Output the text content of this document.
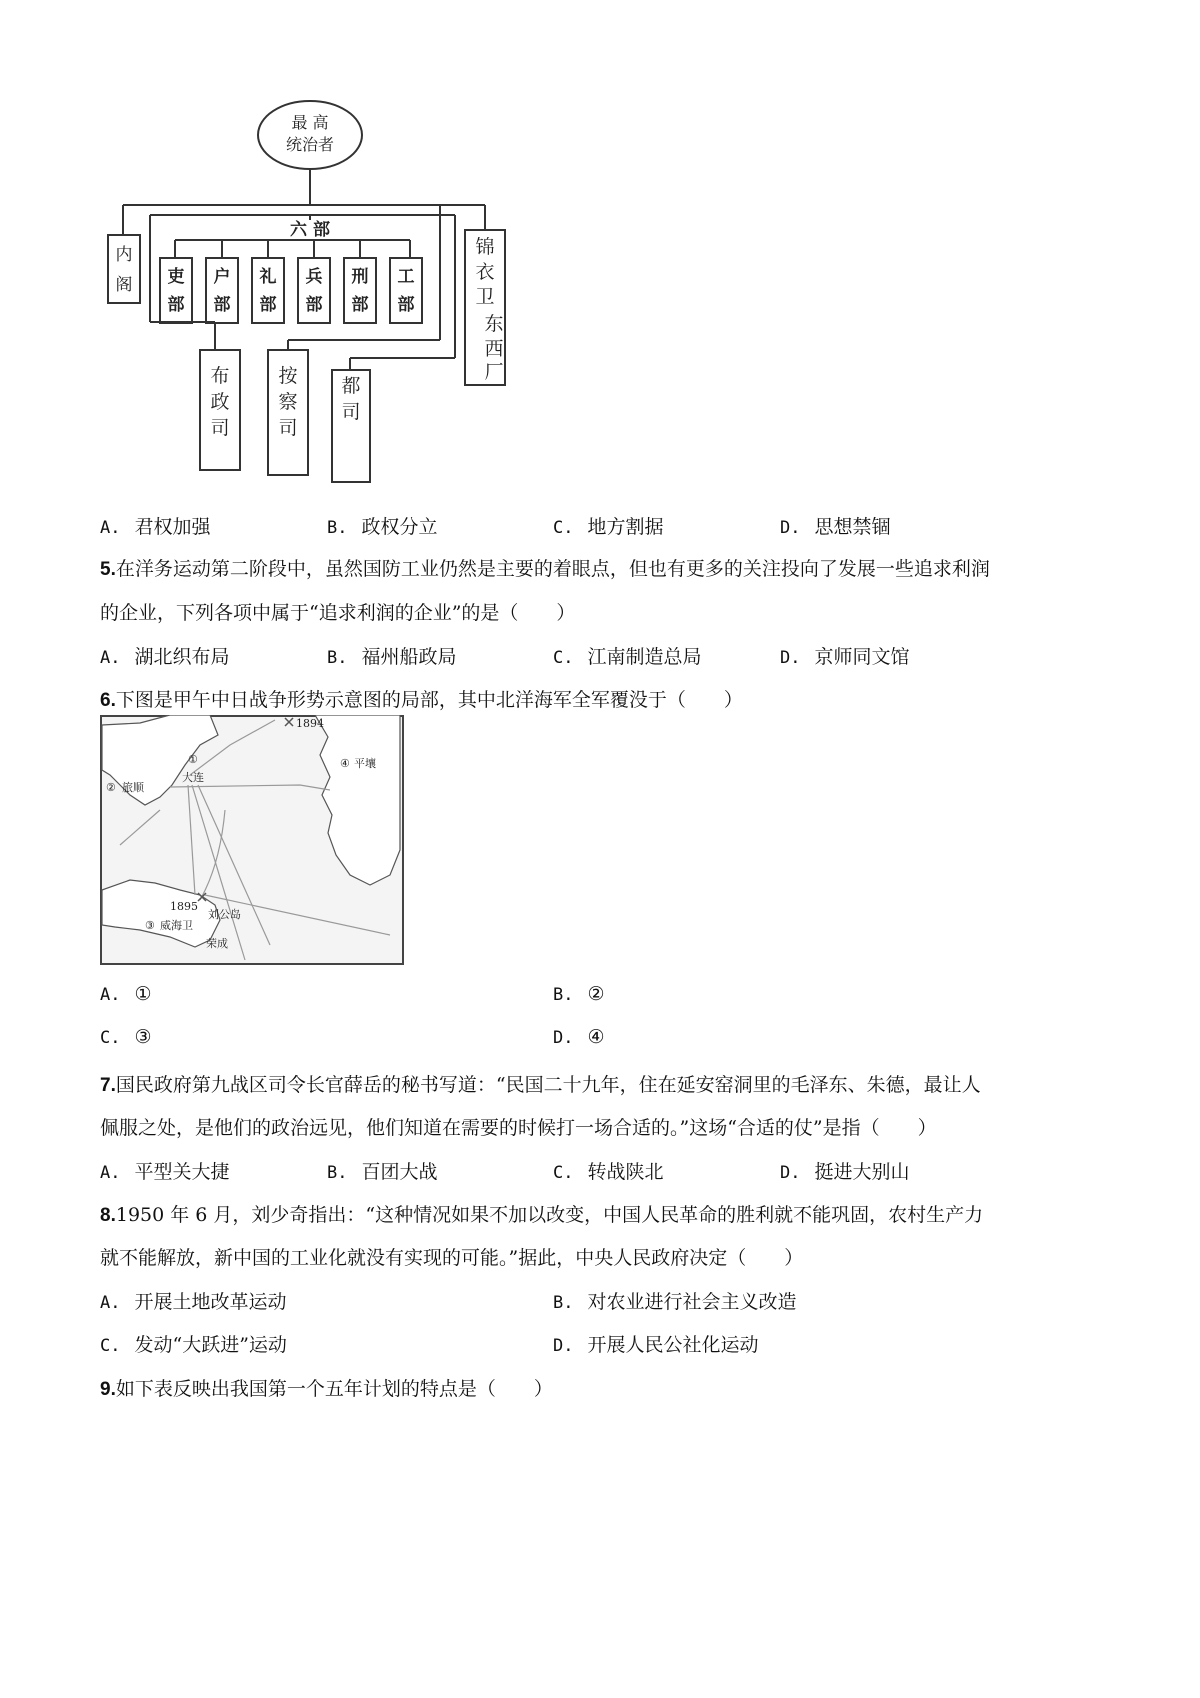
最 高
统治者
六 部
内
阁 吏
部
户
部
礼
部
兵
部
刑
部
工
部
锦
衣
卫
东
西
厂
布
政
司
按
察
司
都
司
A. 君权加强	B. 政权分立	C. 地方割据	D. 思想禁锢
5.在洋务运动第二阶段中，虽然国防工业仍然是主要的着眼点，但也有更多的关注投向了发展一些追求利润
的企业，下列各项中属于“追求利润的企业”的是（　　）
A. 湖北织布局	B. 福州船政局	C. 江南制造总局	D. 京师同文馆
6.下图是甲午中日战争形势示意图的局部，其中北洋海军全军覆没于（　　）
1894
①
大连
② 旅顺
④ 平壤
1895
③ 威海卫
刘公岛
荣成
A. ①	B. ②
C. ③	D. ④
7.国民政府第九战区司令长官薛岳的秘书写道：“民国二十九年，住在延安窑洞里的毛泽东、朱德，最让人
佩服之处，是他们的政治远见，他们知道在需要的时候打一场合适的。”这场“合适的仗”是指（　　）
A. 平型关大捷	B. 百团大战	C. 转战陕北	D. 挺进大别山
8.1950 年 6 月，刘少奇指出：“这种情况如果不加以改变，中国人民革命的胜利就不能巩固，农村生产力
就不能解放，新中国的工业化就没有实现的可能。”据此，中央人民政府决定（　　）
A. 开展土地改革运动	B. 对农业进行社会主义改造
C. 发动“大跃进”运动	D. 开展人民公社化运动
9.如下表反映出我国第一个五年计划的特点是（　　）
